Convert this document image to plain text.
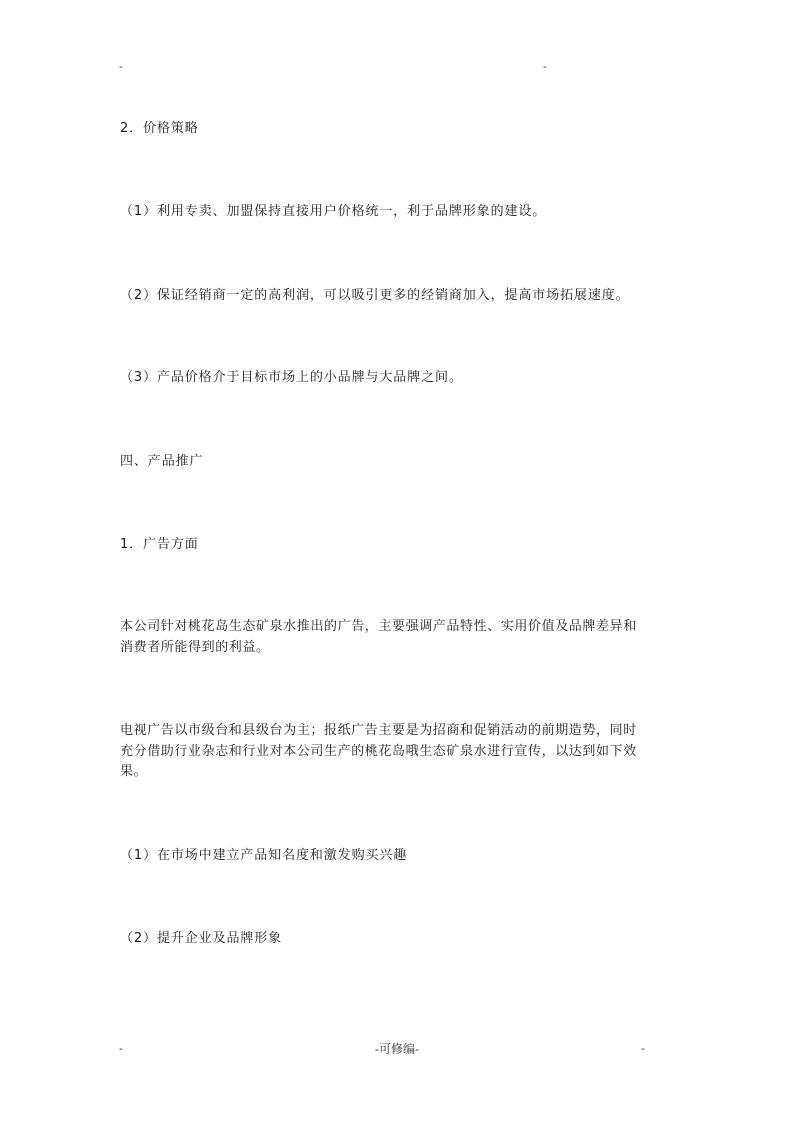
-	-
2．价格策略
（1）利用专卖、加盟保持直接用户价格统一，利于品牌形象的建设。
（2）保证经销商一定的高利润，可以吸引更多的经销商加入，提高市场拓展速度。
（3）产品价格介于目标市场上的小品牌与大品牌之间。
四、产品推广
1．广告方面
本公司针对桃花岛生态矿泉水推出的广告，主要强调产品特性、实用价值及品牌差异和
消费者所能得到的利益。
电视广告以市级台和县级台为主；报纸广告主要是为招商和促销活动的前期造势，同时
充分借助行业杂志和行业对本公司生产的桃花岛哦生态矿泉水进行宣传，以达到如下效
果。
（1）在市场中建立产品知名度和激发购买兴趣
（2）提升企业及品牌形象
-	-可修编-	-
